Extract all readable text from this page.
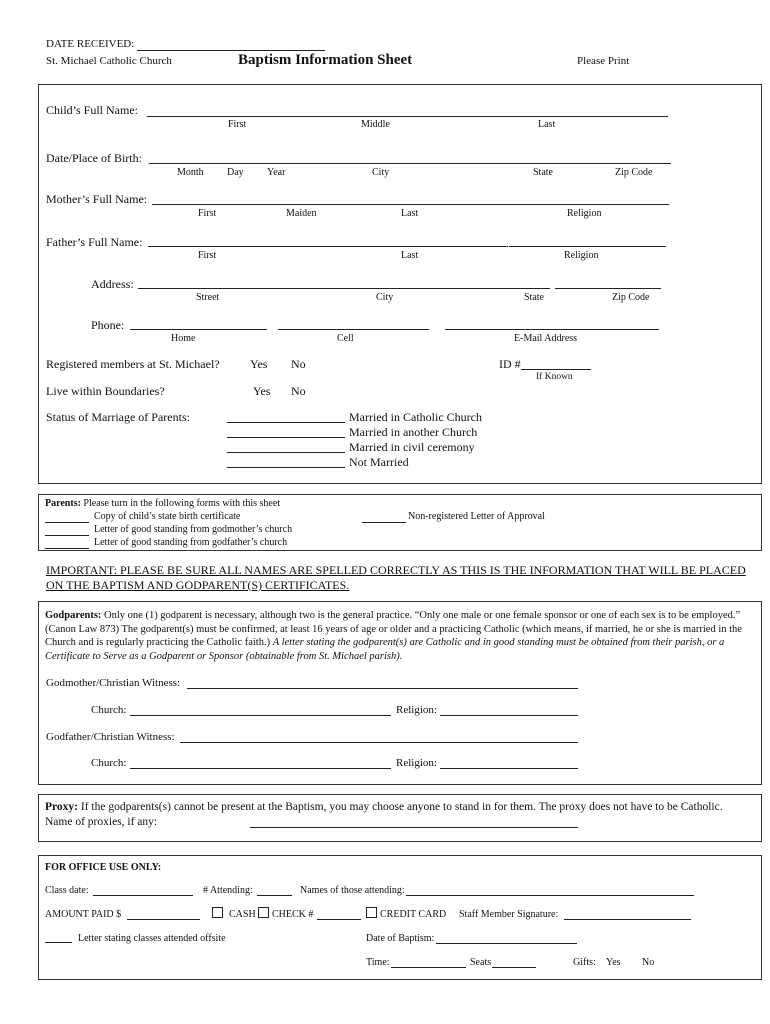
DATE RECEIVED:
St. Michael Catholic Church	Baptism Information Sheet	Please Print
Child’s Full Name:
First	Middle	Last
Date/Place of Birth:
Month Day Year	City	State	Zip Code
Mother’s Full Name:
First	Maiden	Last	Religion
Father’s Full Name:
First	Last	Religion
Address:
Street	City	State	Zip Code
Phone:
Home	Cell	E-Mail Address
Registered members at St. Michael?	Yes No	ID #
If Known
Live within Boundaries?	Yes No
Status of Marriage of Parents:	Married in Catholic Church
Married in another Church
Married in civil ceremony
Not Married
Parents: Please turn in the following forms with this sheet
Copy of child’s state birth certificate
Letter of good standing from godmother’s church
Letter of good standing from godfather’s church
Non-registered Letter of Approval
IMPORTANT: PLEASE BE SURE ALL NAMES ARE SPELLED CORRECTLY AS THIS IS THE INFORMATION THAT WILL BE PLACED ON THE BAPTISM AND GODPARENT(S) CERTIFICATES.
Godparents: Only one (1) godparent is necessary, although two is the general practice. “Only one male or one female sponsor or one of each sex is to be employed.” (Canon Law 873) The godparent(s) must be confirmed, at least 16 years of age or older and a practicing Catholic (which means, if married, he or she is married in the Church and is regularly practicing the Catholic faith.) A letter stating the godparent(s) are Catholic and in good standing must be obtained from their parish, or a Certificate to Serve as a Godparent or Sponsor (obtainable from St. Michael parish).
Godmother/Christian Witness:
Church:	Religion:
Godfather/Christian Witness:
Church:	Religion:
Proxy: If the godparents(s) cannot be present at the Baptism, you may choose anyone to stand in for them. The proxy does not have to be Catholic. Name of proxies, if any:
FOR OFFICE USE ONLY:
Class date:	# Attending:	Names of those attending:
AMOUNT PAID $	CASH CHECK #	CREDIT CARD Staff Member Signature:
Letter stating classes attended offsite	Date of Baptism:
Time:	Seats	Gifts: Yes No
